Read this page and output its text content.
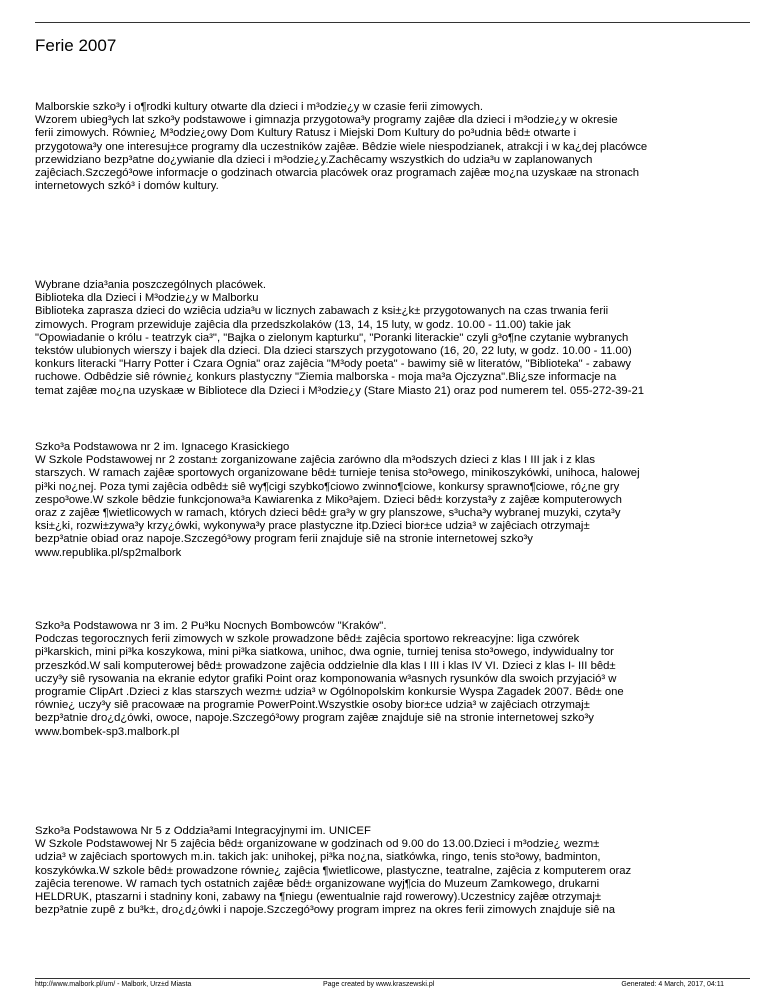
Ferie 2007
Malborskie szko³y i o¶rodki kultury otwarte dla dzieci i m³odzie¿y w czasie ferii zimowych.
Wzorem ubieg³ych lat szko³y podstawowe i gimnazja przygotowa³y programy zajêæ dla dzieci i m³odzie¿y w okresie
ferii zimowych. Równie¿ M³odzie¿owy Dom Kultury Ratusz i Miejski Dom Kultury do po³udnia bêd± otwarte i
przygotowa³y one interesuj±ce programy dla uczestników zajêæ. Bêdzie wiele niespodzianek, atrakcji i w ka¿dej placówce
przewidziano bezp³atne do¿ywianie dla dzieci i m³odzie¿y.Zachêcamy wszystkich do udzia³u w zaplanowanych
zajêciach.Szczegó³owe informacje o godzinach otwarcia placówek oraz programach zajêæ mo¿na uzyskaæ na stronach
internetowych szkó³ i domów kultury.
Wybrane dzia³ania poszczególnych placówek.
Biblioteka dla Dzieci i M³odzie¿y w Malborku
Biblioteka zaprasza dzieci do wziêcia udzia³u w licznych zabawach z ksi±¿k± przygotowanych na czas trwania ferii
zimowych. Program przewiduje zajêcia dla przedszkolaków (13, 14, 15 luty, w godz. 10.00 - 11.00) takie jak
"Opowiadanie o królu - teatrzyk cia³", "Bajka o zielonym kapturku", "Poranki literackie" czyli g³o¶ne czytanie wybranych
tekstów ulubionych wierszy i bajek dla dzieci. Dla dzieci starszych przygotowano (16, 20, 22 luty, w godz. 10.00 - 11.00)
konkurs literacki "Harry Potter i Czara Ognia" oraz zajêcia "M³ody poeta" - bawimy siê w literatów, "Biblioteka" - zabawy
ruchowe. Odbêdzie siê równie¿ konkurs plastyczny "Ziemia malborska - moja ma³a Ojczyzna".Bli¿sze informacje na
temat zajêæ mo¿na uzyskaæ w Bibliotece dla Dzieci i M³odzie¿y (Stare Miasto 21) oraz pod numerem tel. 055-272-39-21
Szko³a Podstawowa nr 2 im. Ignacego Krasickiego
W Szkole Podstawowej nr 2 zostan± zorganizowane zajêcia zarówno dla m³odszych dzieci z klas I III jak i z klas
starszych. W ramach zajêæ sportowych organizowane bêd± turnieje tenisa sto³owego, minikoszykówki, unihoca, halowej
pi³ki no¿nej. Poza tymi zajêcia odbêd± siê wy¶cigi szybko¶ciowo zwinno¶ciowe, konkursy sprawno¶ciowe, ró¿ne gry
zespo³owe.W szkole bêdzie funkcjonowa³a Kawiarenka z Miko³ajem. Dzieci bêd± korzysta³y z zajêæ komputerowych
oraz z zajêæ ¶wietlicowych w ramach, których dzieci bêd± gra³y w gry planszowe, s³ucha³y wybranej muzyki, czyta³y
ksi±¿ki, rozwi±zywa³y krzy¿ówki, wykonywa³y prace plastyczne itp.Dzieci bior±ce udzia³ w zajêciach otrzymaj±
bezp³atnie obiad oraz napoje.Szczegó³owy program ferii znajduje siê na stronie internetowej szko³y
www.republika.pl/sp2malbork
Szko³a Podstawowa nr 3 im. 2 Pu³ku Nocnych Bombowców "Kraków".
Podczas tegorocznych ferii zimowych w szkole prowadzone bêd± zajêcia sportowo rekreacyjne: liga czwórek
pi³karskich, mini pi³ka koszykowa, mini pi³ka siatkowa, unihoc, dwa ognie, turniej tenisa sto³owego, indywidualny tor
przeszkód.W sali komputerowej bêd± prowadzone zajêcia oddzielnie dla klas I III i klas IV VI. Dzieci z klas I- III bêd±
uczy³y siê rysowania na ekranie edytor grafiki Point oraz komponowania w³asnych rysunków dla swoich przyjació³ w
programie ClipArt .Dzieci z klas starszych wezm± udzia³ w Ogólnopolskim konkursie Wyspa Zagadek 2007. Bêd± one
równie¿ uczy³y siê pracowaæ na programie PowerPoint.Wszystkie osoby bior±ce udzia³ w zajêciach otrzymaj±
bezp³atnie dro¿d¿ówki, owoce, napoje.Szczegó³owy program zajêæ znajduje siê na stronie internetowej szko³y
www.bombek-sp3.malbork.pl
Szko³a Podstawowa Nr 5 z Oddzia³ami Integracyjnymi im. UNICEF
W Szkole Podstawowej Nr 5 zajêcia bêd± organizowane w godzinach od 9.00 do 13.00.Dzieci i m³odzie¿ wezm±
udzia³ w zajêciach sportowych m.in. takich jak: unihokej, pi³ka no¿na, siatkówka, ringo, tenis sto³owy, badminton,
koszykówka.W szkole bêd± prowadzone równie¿ zajêcia ¶wietlicowe, plastyczne, teatralne, zajêcia z komputerem oraz
zajêcia terenowe. W ramach tych ostatnich zajêæ bêd± organizowane wyj¶cia do Muzeum Zamkowego, drukarni
HELDRUK, ptaszarni i stadniny koni, zabawy na ¶niegu (ewentualnie rajd rowerowy).Uczestnicy zajêæ otrzymaj±
bezp³atnie zupê z bu³k±, dro¿d¿ówki i napoje.Szczegó³owy program imprez na okres ferii zimowych znajduje siê na
http://www.malbork.pl/um/ - Malbork, Urz±d Miasta	Page created by www.kraszewski.pl	Generated: 4 March, 2017, 04:11
